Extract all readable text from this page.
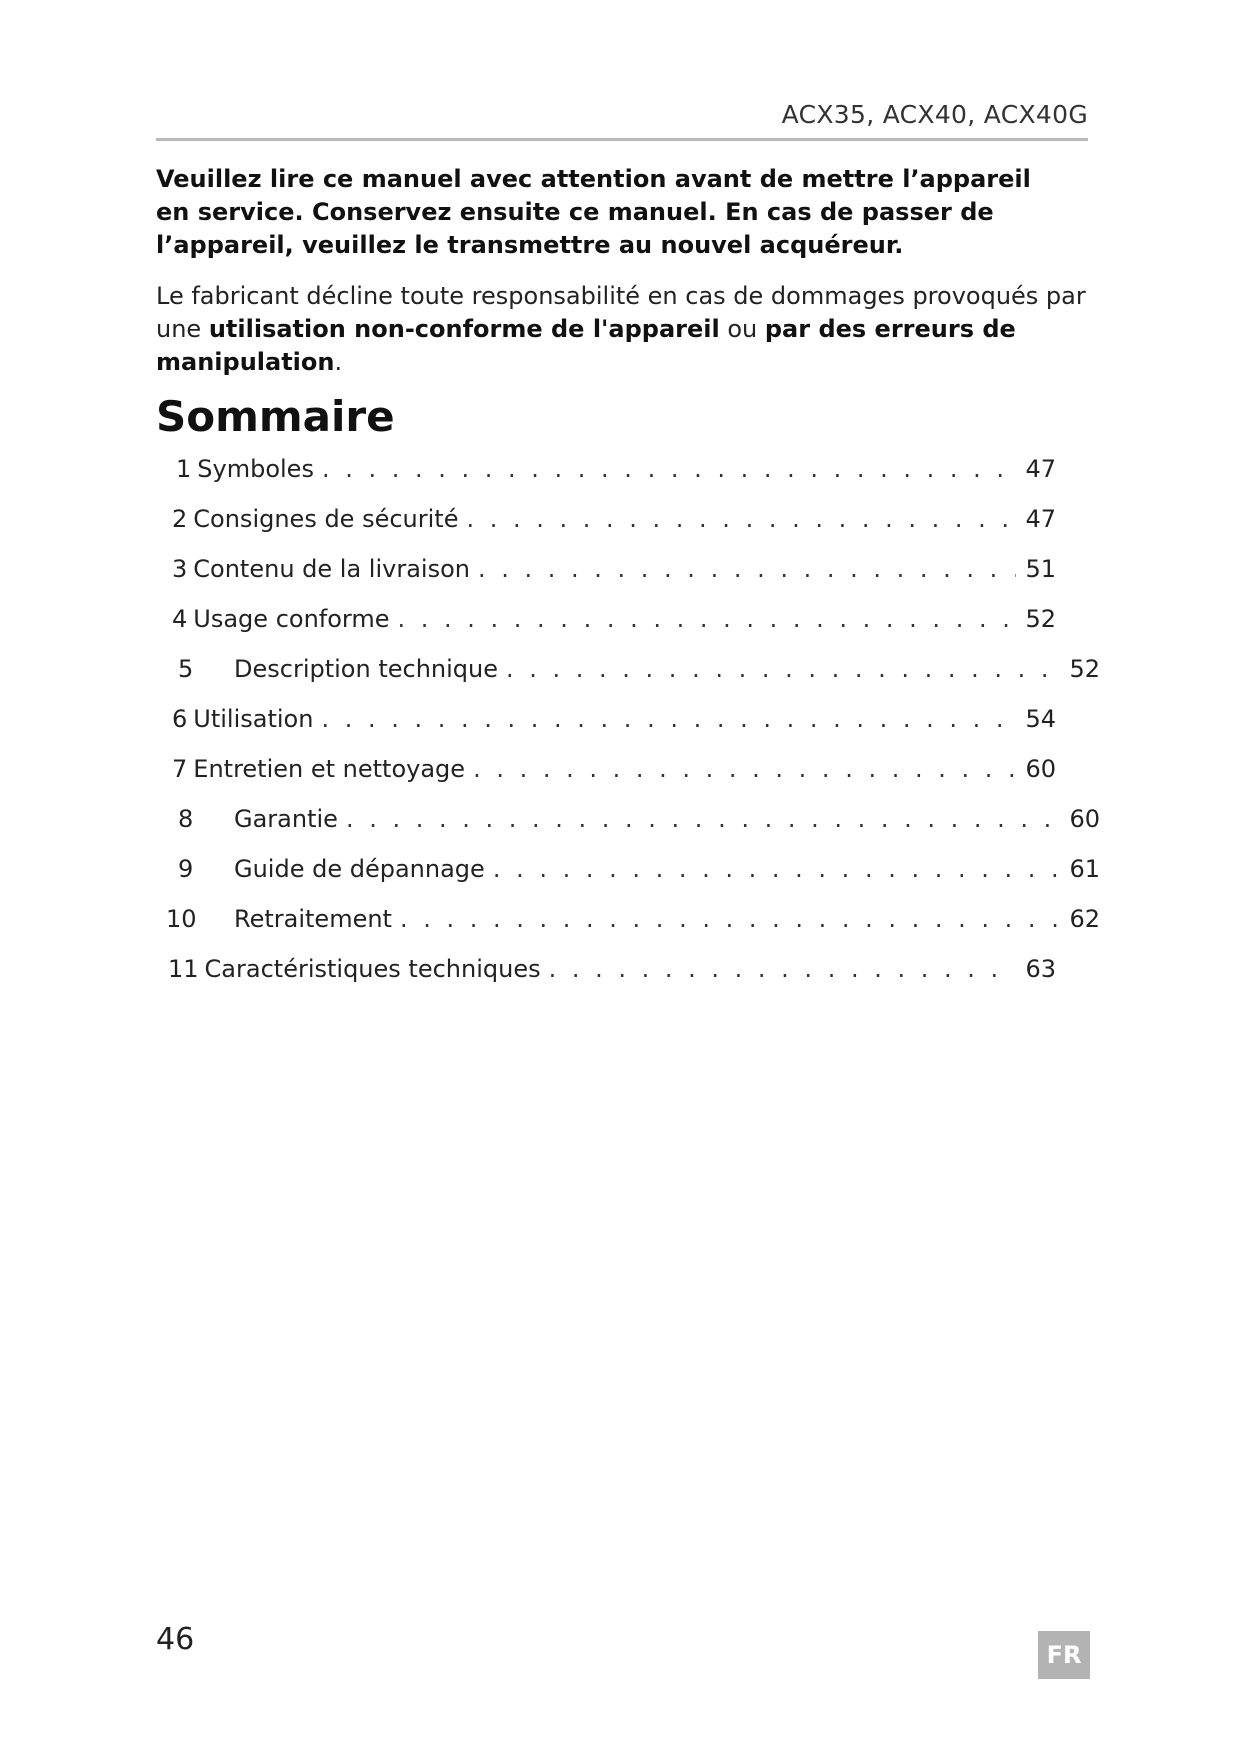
ACX35, ACX40, ACX40G
Veuillez lire ce manuel avec attention avant de mettre l’appareil en service. Conservez ensuite ce manuel. En cas de passer de l’appareil, veuillez le transmettre au nouvel acquéreur.
Le fabricant décline toute responsabilité en cas de dommages provoqués par une utilisation non-conforme de l'appareil ou par des erreurs de manipulation.
Sommaire
1 Symboles . . .	47
2 Consignes de sécurité . . .	47
3 Contenu de la livraison . . .	51
4 Usage conforme . . .	52
5	Description technique . . .	52
6 Utilisation . . .	54
7 Entretien et nettoyage . . .	60
8	Garantie . . .	60
9	Guide de dépannage . . .	61
10	Retraitement . . .	62
11 Caractéristiques techniques . . .	63
46	FR
